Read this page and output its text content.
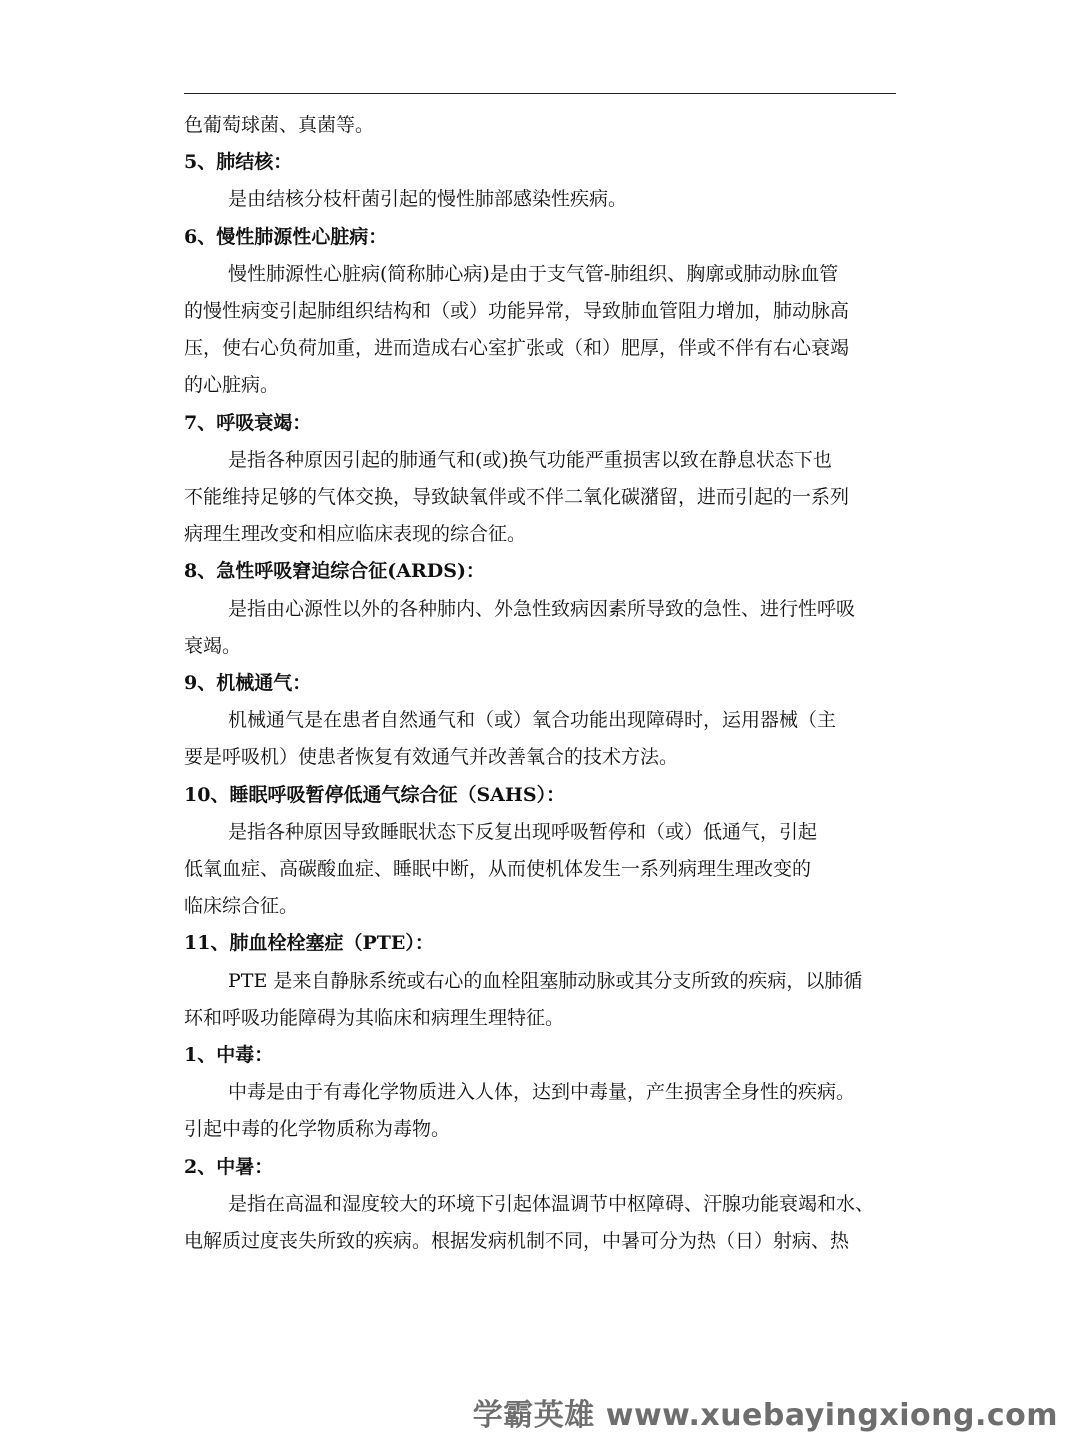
色葡萄球菌、真菌等。
5、肺结核：
是由结核分枝杆菌引起的慢性肺部感染性疾病。
6、慢性肺源性心脏病：
慢性肺源性心脏病(简称肺心病)是由于支气管-肺组织、胸廓或肺动脉血管
的慢性病变引起肺组织结构和（或）功能异常，导致肺血管阻力增加，肺动脉高
压，使右心负荷加重，进而造成右心室扩张或（和）肥厚，伴或不伴有右心衰竭
的心脏病。
7、呼吸衰竭：
是指各种原因引起的肺通气和(或)换气功能严重损害以致在静息状态下也
不能维持足够的气体交换，导致缺氧伴或不伴二氧化碳潴留，进而引起的一系列
病理生理改变和相应临床表现的综合征。
8、急性呼吸窘迫综合征(ARDS)：
是指由心源性以外的各种肺内、外急性致病因素所导致的急性、进行性呼吸
衰竭。
9、机械通气：
机械通气是在患者自然通气和（或）氧合功能出现障碍时，运用器械（主
要是呼吸机）使患者恢复有效通气并改善氧合的技术方法。
10、睡眠呼吸暂停低通气综合征（SAHS）：
是指各种原因导致睡眠状态下反复出现呼吸暂停和（或）低通气，引起
低氧血症、高碳酸血症、睡眠中断，从而使机体发生一系列病理生理改变的
临床综合征。
11、肺血栓栓塞症（PTE）：
PTE 是来自静脉系统或右心的血栓阻塞肺动脉或其分支所致的疾病，以肺循
环和呼吸功能障碍为其临床和病理生理特征。
1、中毒：
中毒是由于有毒化学物质进入人体，达到中毒量，产生损害全身性的疾病。
引起中毒的化学物质称为毒物。
2、中暑：
是指在高温和湿度较大的环境下引起体温调节中枢障碍、汗腺功能衰竭和水、
电解质过度丧失所致的疾病。根据发病机制不同，中暑可分为热（日）射病、热
学霸英雄 www.xuebayingxiong.com
